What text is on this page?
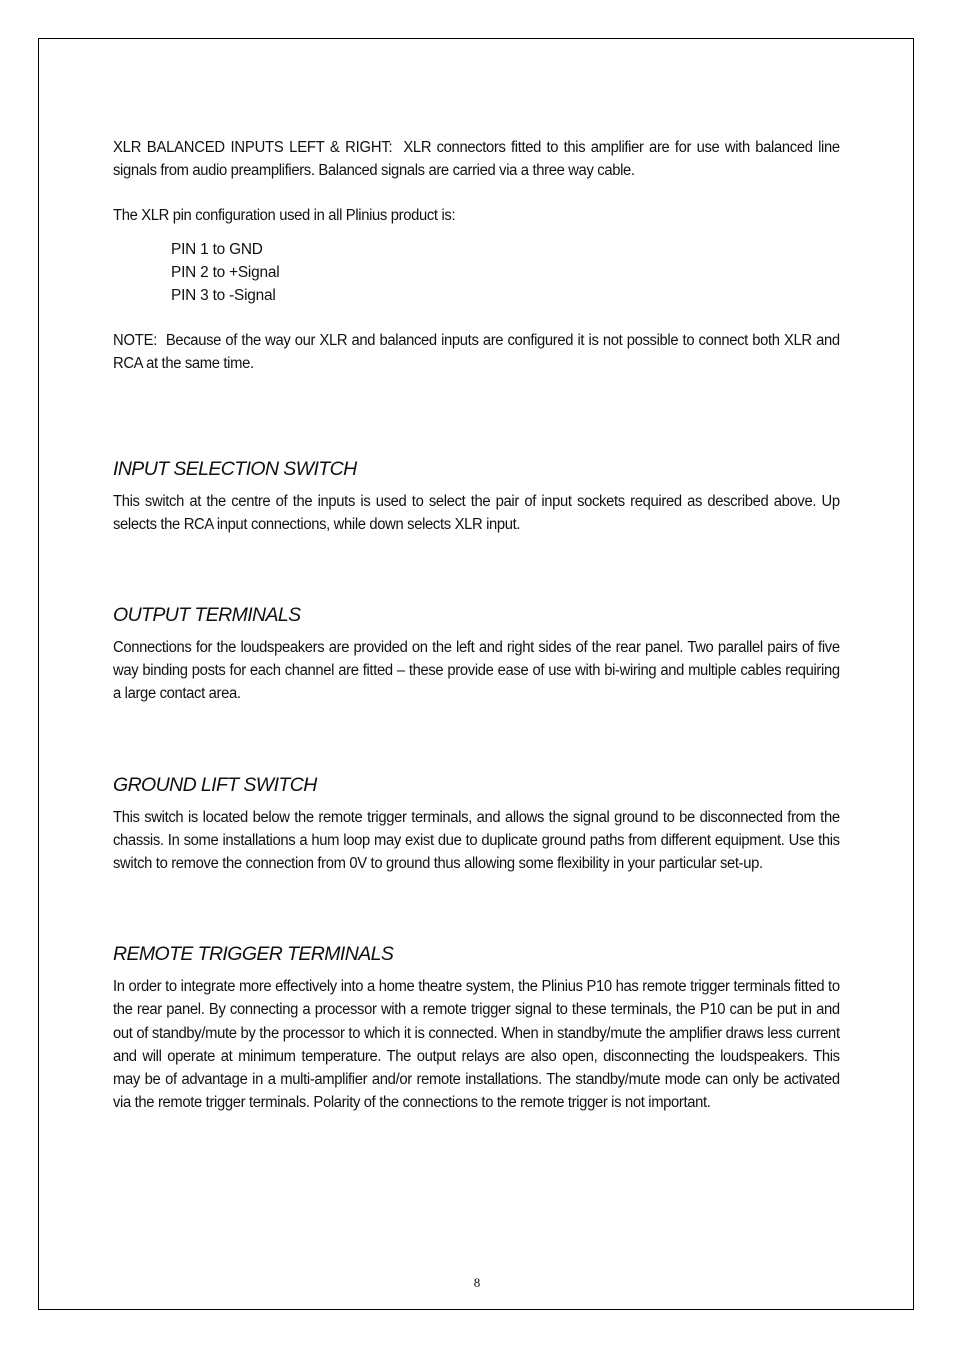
XLR BALANCED INPUTS LEFT & RIGHT: XLR connectors fitted to this amplifier are for use with balanced line signals from audio preamplifiers. Balanced signals are carried via a three way cable.

The XLR pin configuration used in all Plinius product is:

PIN 1 to GND
PIN 2 to +Signal
PIN 3 to -Signal

NOTE: Because of the way our XLR and balanced inputs are configured it is not possible to connect both XLR and RCA at the same time.

INPUT SELECTION SWITCH

This switch at the centre of the inputs is used to select the pair of input sockets required as described above. Up selects the RCA input connections, while down selects XLR input.

OUTPUT TERMINALS

Connections for the loudspeakers are provided on the left and right sides of the rear panel. Two parallel pairs of five way binding posts for each channel are fitted – these provide ease of use with bi-wiring and multiple cables requiring a large contact area.

GROUND LIFT SWITCH

This switch is located below the remote trigger terminals, and allows the signal ground to be disconnected from the chassis. In some installations a hum loop may exist due to duplicate ground paths from different equipment. Use this switch to remove the connection from 0V to ground thus allowing some flexibility in your particular set-up.

REMOTE TRIGGER TERMINALS

In order to integrate more effectively into a home theatre system, the Plinius P10 has remote trigger terminals fitted to the rear panel. By connecting a processor with a remote trigger signal to these terminals, the P10 can be put in and out of standby/mute by the processor to which it is connected. When in standby/mute the amplifier draws less current and will operate at minimum temperature. The output relays are also open, disconnecting the loudspeakers. This may be of advantage in a multi-amplifier and/or remote installations. The standby/mute mode can only be activated via the remote trigger terminals. Polarity of the connections to the remote trigger is not important.

8
